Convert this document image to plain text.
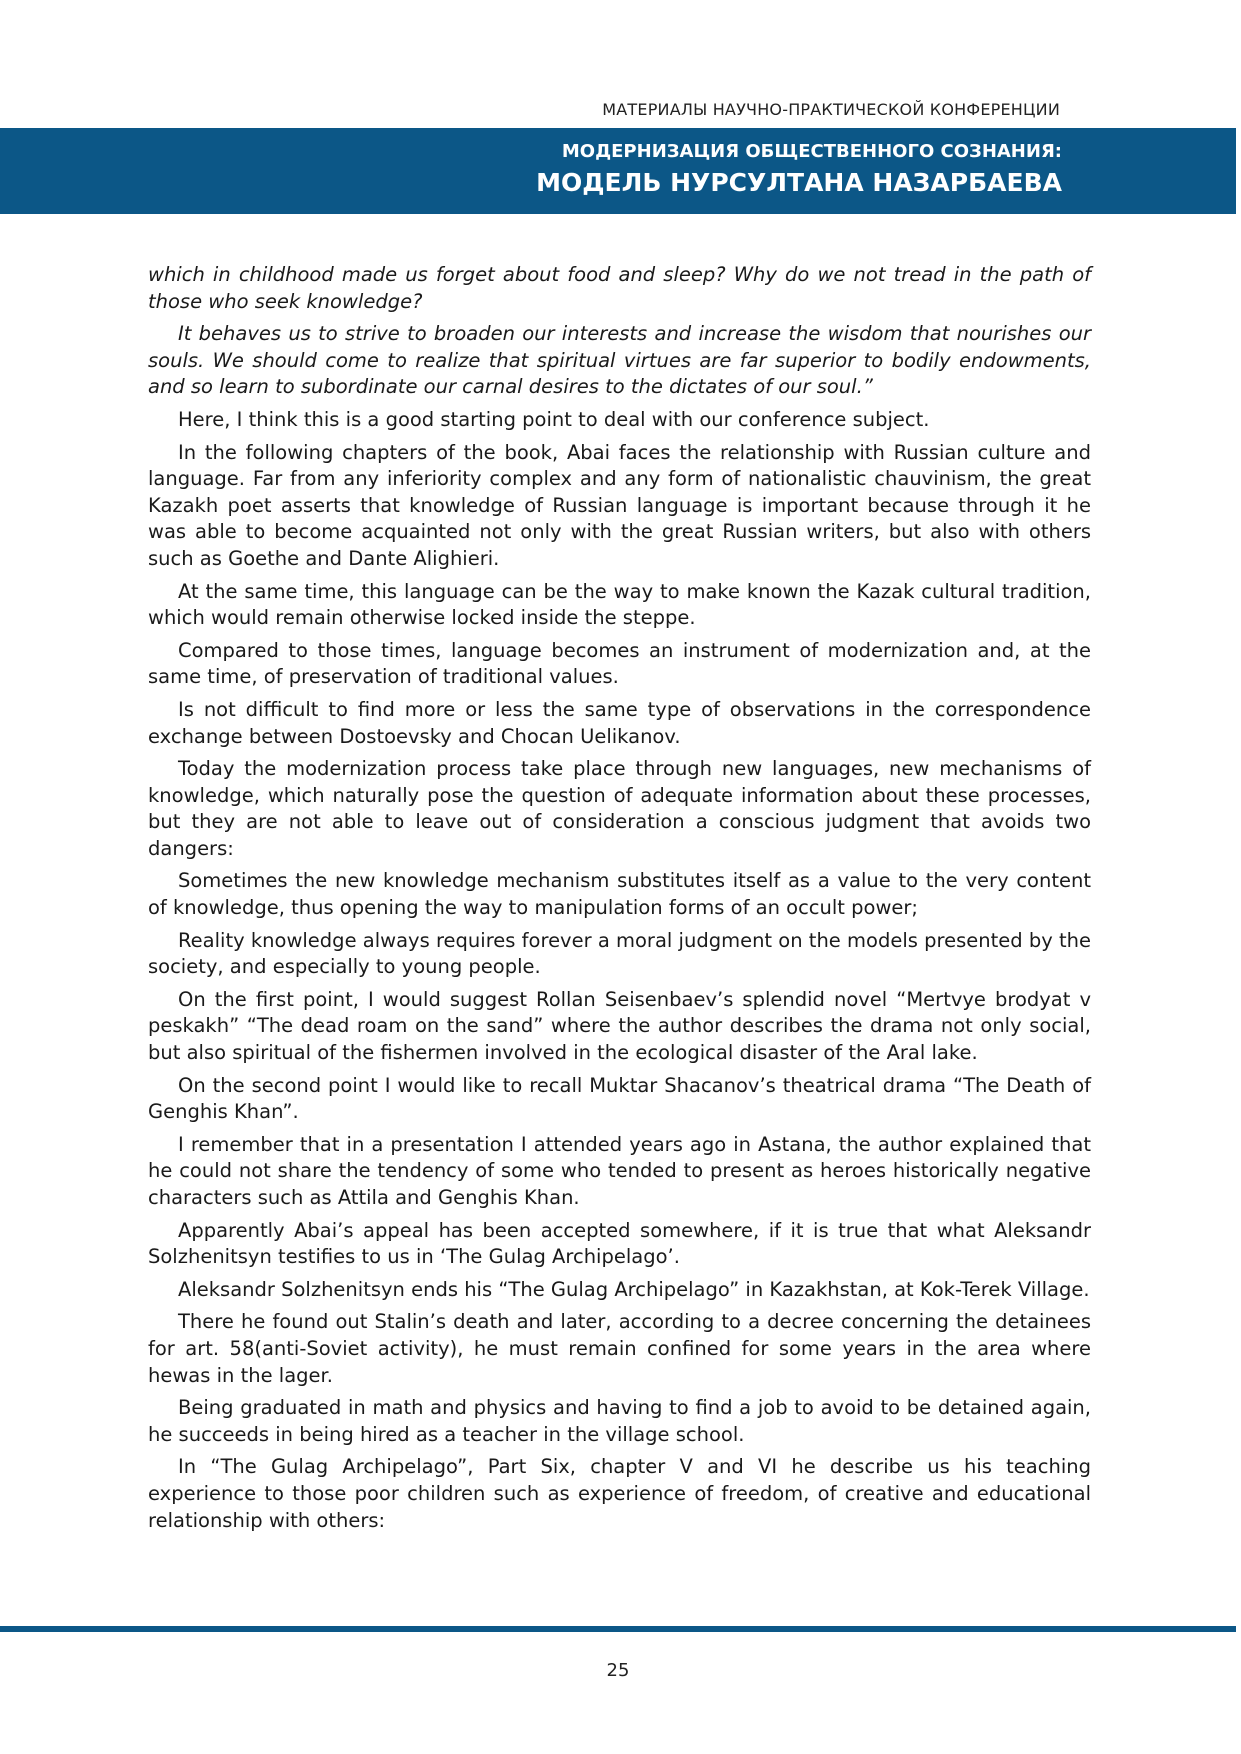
МАТЕРИАЛЫ НАУЧНО-ПРАКТИЧЕСКОЙ КОНФЕРЕНЦИИ
МОДЕРНИЗАЦИЯ ОБЩЕСТВЕННОГО СОЗНАНИЯ:
МОДЕЛЬ НУРСУЛТАНА НАЗАРБАЕВА

which in childhood made us forget about food and sleep? Why do we not tread in the path of those who seek knowledge?

It behaves us to strive to broaden our interests and increase the wisdom that nourishes our souls. We should come to realize that spiritual virtues are far superior to bodily endowments, and so learn to subordinate our carnal desires to the dictates of our soul.”

Here, I think this is a good starting point to deal with our conference subject.

In the following chapters of the book, Abai faces the relationship with Russian culture and language. Far from any inferiority complex and any form of nationalistic chauvinism, the great Kazakh poet asserts that knowledge of Russian language is important because through it he was able to become acquainted not only with the great Russian writers, but also with others such as Goethe and Dante Alighieri.

At the same time, this language can be the way to make known the Kazak cultural tradition, which would remain otherwise locked inside the steppe.

Compared to those times, language becomes an instrument of modernization and, at the same time, of preservation of traditional values.

Is not difficult to find more or less the same type of observations in the correspondence exchange between Dostoevsky and Chocan Uelikanov.

Today the modernization process take place through new languages, new mechanisms of knowledge, which naturally pose the question of adequate information about these processes, but they are not able to leave out of consideration a conscious judgment that avoids two dangers:

Sometimes the new knowledge mechanism substitutes itself as a value to the very content of knowledge, thus opening the way to manipulation forms of an occult power;

Reality knowledge always requires forever a moral judgment on the models presented by the society, and especially to young people.

On the first point, I would suggest Rollan Seisenbaev’s splendid novel “Mertvye brodyat v peskakh” “The dead roam on the sand” where the author describes the drama not only social, but also spiritual of the fishermen involved in the ecological disaster of the Aral lake.

On the second point I would like to recall Muktar Shacanov’s theatrical drama “The Death of Genghis Khan”.

I remember that in a presentation I attended years ago in Astana, the author explained that he could not share the tendency of some who tended to present as heroes historically negative characters such as Attila and Genghis Khan.

Apparently Abai’s appeal has been accepted somewhere, if it is true that what Aleksandr Solzhenitsyn testifies to us in ‘The Gulag Archipelago’.

Aleksandr Solzhenitsyn ends his “The Gulag Archipelago” in Kazakhstan, at Kok-Terek Village.

There he found out Stalin’s death and later, according to a decree concerning the detainees for art. 58(anti-Soviet activity), he must remain confined for some years in the area where hewas in the lager.

Being graduated in math and physics and having to find a job to avoid to be detained again, he succeeds in being hired as a teacher in the village school.

In “The Gulag Archipelago”, Part Six, chapter V and VI he describe us his teaching experience to those poor children such as experience of freedom, of creative and educational relationship with others:

25
